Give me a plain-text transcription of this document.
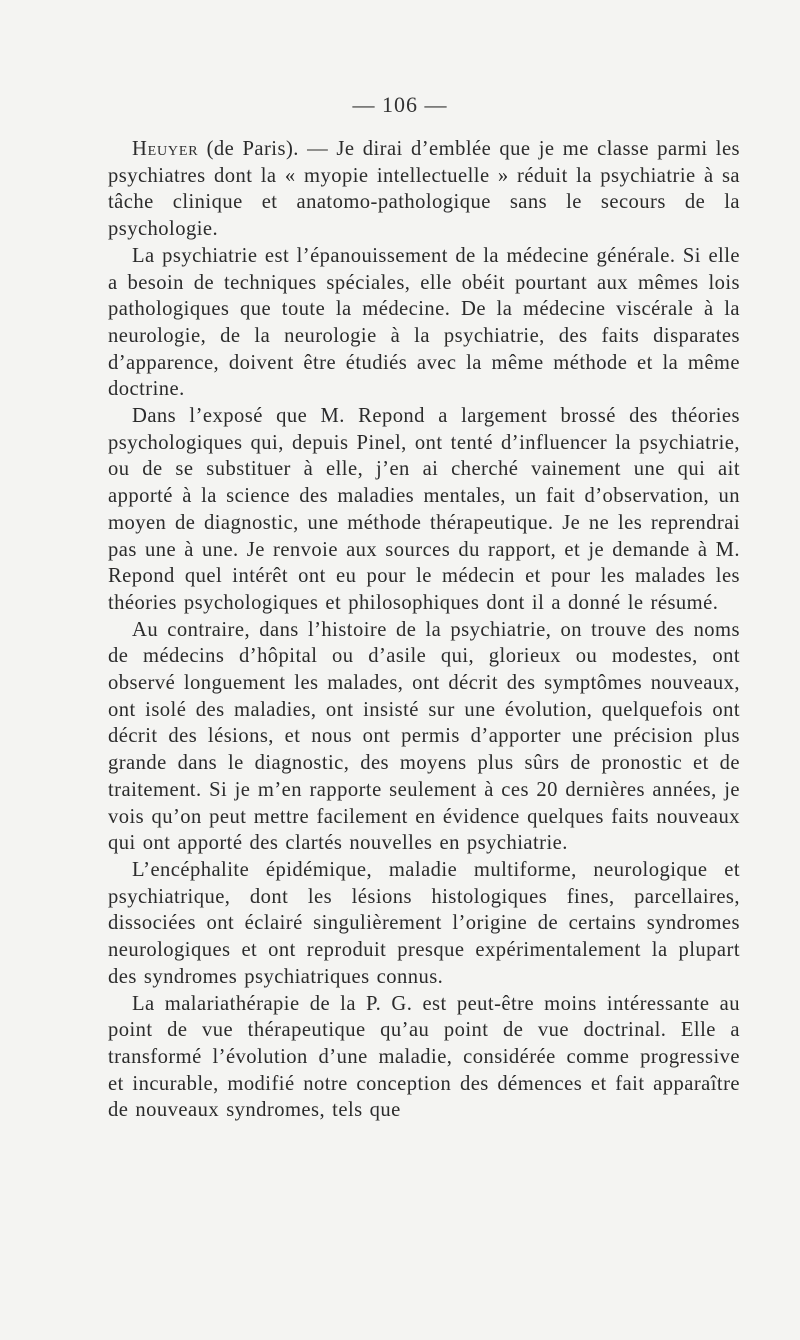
— 106 —

Heuyer (de Paris). — Je dirai d’emblée que je me classe parmi les psychiatres dont la « myopie intellectuelle » réduit la psychiatrie à sa tâche clinique et anatomo-pathologique sans le secours de la psychologie.

La psychiatrie est l’épanouissement de la médecine générale. Si elle a besoin de techniques spéciales, elle obéit pourtant aux mêmes lois pathologiques que toute la médecine. De la médecine viscérale à la neurologie, de la neurologie à la psychiatrie, des faits disparates d’apparence, doivent être étudiés avec la même méthode et la même doctrine.

Dans l’exposé que M. Repond a largement brossé des théories psychologiques qui, depuis Pinel, ont tenté d’influencer la psychiatrie, ou de se substituer à elle, j’en ai cherché vainement une qui ait apporté à la science des maladies mentales, un fait d’observation, un moyen de diagnostic, une méthode thérapeutique. Je ne les reprendrai pas une à une. Je renvoie aux sources du rapport, et je demande à M. Repond quel intérêt ont eu pour le médecin et pour les malades les théories psychologiques et philosophiques dont il a donné le résumé.

Au contraire, dans l’histoire de la psychiatrie, on trouve des noms de médecins d’hôpital ou d’asile qui, glorieux ou modestes, ont observé longuement les malades, ont décrit des symptômes nouveaux, ont isolé des maladies, ont insisté sur une évolution, quelquefois ont décrit des lésions, et nous ont permis d’apporter une précision plus grande dans le diagnostic, des moyens plus sûrs de pronostic et de traitement. Si je m’en rapporte seulement à ces 20 dernières années, je vois qu’on peut mettre facilement en évidence quelques faits nouveaux qui ont apporté des clartés nouvelles en psychiatrie.

L’encéphalite épidémique, maladie multiforme, neurologique et psychiatrique, dont les lésions histologiques fines, parcellaires, dissociées ont éclairé singulièrement l’origine de certains syndromes neurologiques et ont reproduit presque expérimentalement la plupart des syndromes psychiatriques connus.

La malariathérapie de la P. G. est peut-être moins intéressante au point de vue thérapeutique qu’au point de vue doctrinal. Elle a transformé l’évolution d’une maladie, considérée comme progressive et incurable, modifié notre conception des démences et fait apparaître de nouveaux syndromes, tels que
